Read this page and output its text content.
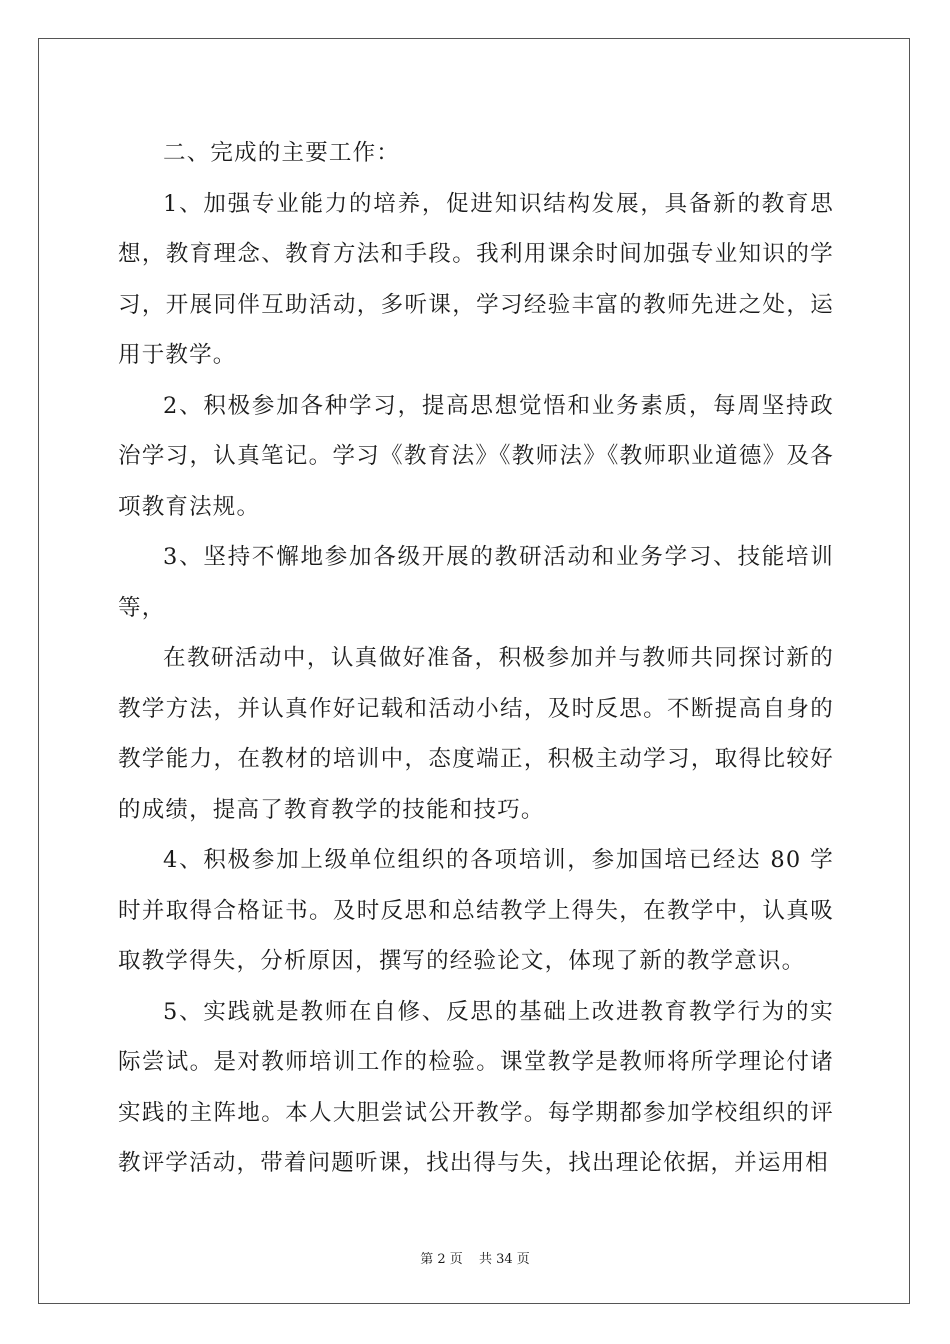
二、完成的主要工作：

1、加强专业能力的培养，促进知识结构发展，具备新的教育思想，教育理念、教育方法和手段。我利用课余时间加强专业知识的学习，开展同伴互助活动，多听课，学习经验丰富的教师先进之处，运用于教学。

2、积极参加各种学习，提高思想觉悟和业务素质，每周坚持政治学习，认真笔记。学习《教育法》《教师法》《教师职业道德》及各项教育法规。

3、坚持不懈地参加各级开展的教研活动和业务学习、技能培训等，

在教研活动中，认真做好准备，积极参加并与教师共同探讨新的教学方法，并认真作好记载和活动小结，及时反思。不断提高自身的教学能力，在教材的培训中，态度端正，积极主动学习，取得比较好的成绩，提高了教育教学的技能和技巧。

4、积极参加上级单位组织的各项培训，参加国培已经达 80 学时并取得合格证书。及时反思和总结教学上得失，在教学中，认真吸取教学得失，分析原因，撰写的经验论文，体现了新的教学意识。

5、实践就是教师在自修、反思的基础上改进教育教学行为的实际尝试。是对教师培训工作的检验。课堂教学是教师将所学理论付诸实践的主阵地。本人大胆尝试公开教学。每学期都参加学校组织的评教评学活动，带着问题听课，找出得与失，找出理论依据，并运用相

第 2 页 共 34 页
